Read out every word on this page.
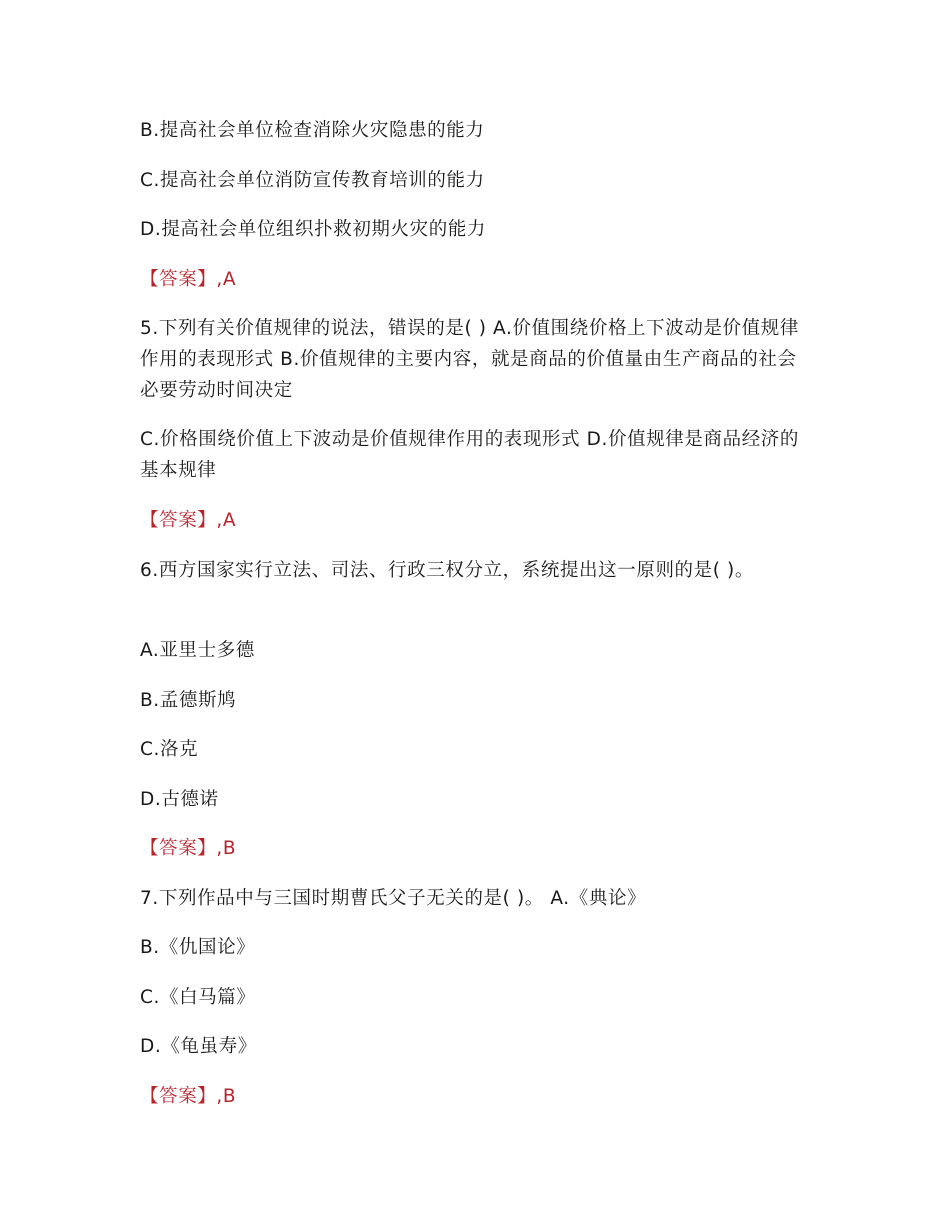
B.提高社会单位检查消除火灾隐患的能力
C.提高社会单位消防宣传教育培训的能力
D.提高社会单位组织扑救初期火灾的能力
【答案】,A
5.下列有关价值规律的说法，错误的是( ) A.价值围绕价格上下波动是价值规律作用的表现形式 B.价值规律的主要内容，就是商品的价值量由生产商品的社会必要劳动时间决定
C.价格围绕价值上下波动是价值规律作用的表现形式 D.价值规律是商品经济的基本规律
【答案】,A
6.西方国家实行立法、司法、行政三权分立，系统提出这一原则的是( )。
A.亚里士多德
B.孟德斯鸠
C.洛克
D.古德诺
【答案】,B
7.下列作品中与三国时期曹氏父子无关的是( )。 A.《典论》
B.《仇国论》
C.《白马篇》
D.《龟虽寿》
【答案】,B
